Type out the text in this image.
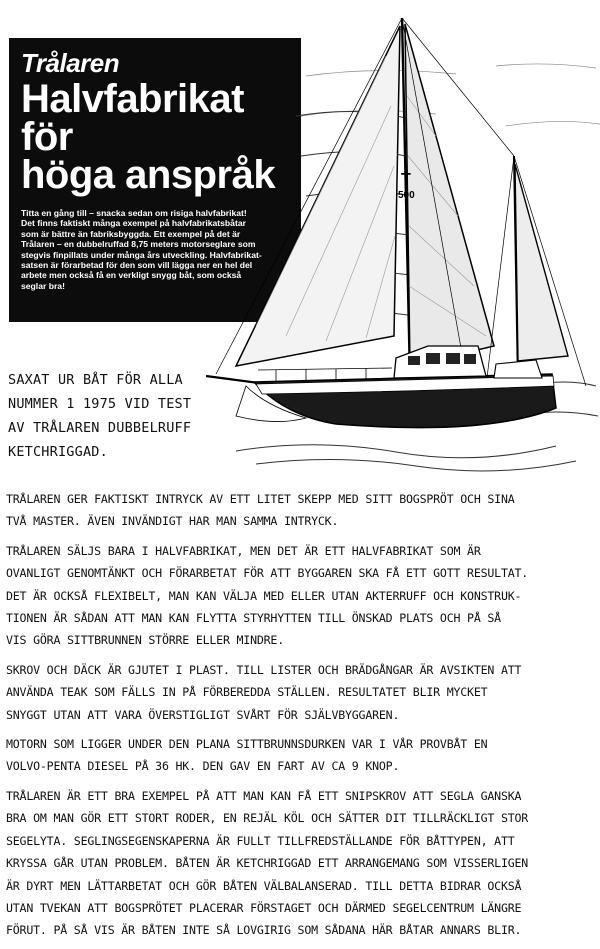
Trålaren
Halvfabrikat
för
höga anspråk
Titta en gång till – snacka sedan om risiga halvfabrikat!
Det finns faktiskt många exempel på halvfabrikatsbåtar
som är bättre än fabriksbyggda. Ett exempel på det är
Trålaren – en dubbelruffad 8,75 meters motorseglare som
stegvis finpillats under många års utveckling. Halvfabrikat-
satsen är förarbetad för den som vill lägga ner en hel del
arbete men också få en verkligt snygg båt, som också
seglar bra!
T
500
SAXAT UR BÅT FÖR ALLA
NUMMER 1 1975 VID TEST
AV TRÅLAREN DUBBELRUFF
KETCHRIGGAD.

TRÅLAREN GER FAKTISKT INTRYCK AV ETT LITET SKEPP MED SITT BOGSPRÖT OCH SINA
TVÅ MASTER. ÄVEN INVÄNDIGT HAR MAN SAMMA INTRYCK.

TRÅLAREN SÄLJS BARA I HALVFABRIKAT, MEN DET ÄR ETT HALVFABRIKAT SOM ÄR
OVANLIGT GENOMTÄNKT OCH FÖRARBETAT FÖR ATT BYGGAREN SKA FÅ ETT GOTT RESULTAT.
DET ÄR OCKSÅ FLEXIBELT, MAN KAN VÄLJA MED ELLER UTAN AKTERRUFF OCH KONSTRUK-
TIONEN ÄR SÅDAN ATT MAN KAN FLYTTA STYRHYTTEN TILL ÖNSKAD PLATS OCH PÅ SÅ
VIS GÖRA SITTBRUNNEN STÖRRE ELLER MINDRE.

SKROV OCH DÄCK ÄR GJUTET I PLAST. TILL LISTER OCH BRÄDGÅNGAR ÄR AVSIKTEN ATT
ANVÄNDA TEAK SOM FÄLLS IN PÅ FÖRBEREDDA STÄLLEN. RESULTATET BLIR MYCKET
SNYGGT UTAN ATT VARA ÖVERSTIGLIGT SVÅRT FÖR SJÄLVBYGGAREN.

MOTORN SOM LIGGER UNDER DEN PLANA SITTBRUNNSDURKEN VAR I VÅR PROVBÅT EN
VOLVO-PENTA DIESEL PÅ 36 HK. DEN GAV EN FART AV CA 9 KNOP.

TRÅLAREN ÄR ETT BRA EXEMPEL PÅ ATT MAN KAN FÅ ETT SNIPSKROV ATT SEGLA GANSKA
BRA OM MAN GÖR ETT STORT RODER, EN REJÄL KÖL OCH SÄTTER DIT TILLRÄCKLIGT STOR
SEGELYTA. SEGLINGSEGENSKAPERNA ÄR FULLT TILLFREDSTÄLLANDE FÖR BÅTTYPEN, ATT
KRYSSA GÅR UTAN PROBLEM. BÅTEN ÄR KETCHRIGGAD ETT ARRANGEMANG SOM VISSERLIGEN
ÄR DYRT MEN LÄTTARBETAT OCH GÖR BÅTEN VÄLBALANSERAD. TILL DETTA BIDRAR OCKSÅ
UTAN TVEKAN ATT BOGSPRÖTET PLACERAR FÖRSTAGET OCH DÄRMED SEGELCENTRUM LÄNGRE
FÖRUT. PÅ SÅ VIS ÄR BÅTEN INTE SÅ LOVGIRIG SOM SÅDANA HÄR BÅTAR ANNARS BLIR.
